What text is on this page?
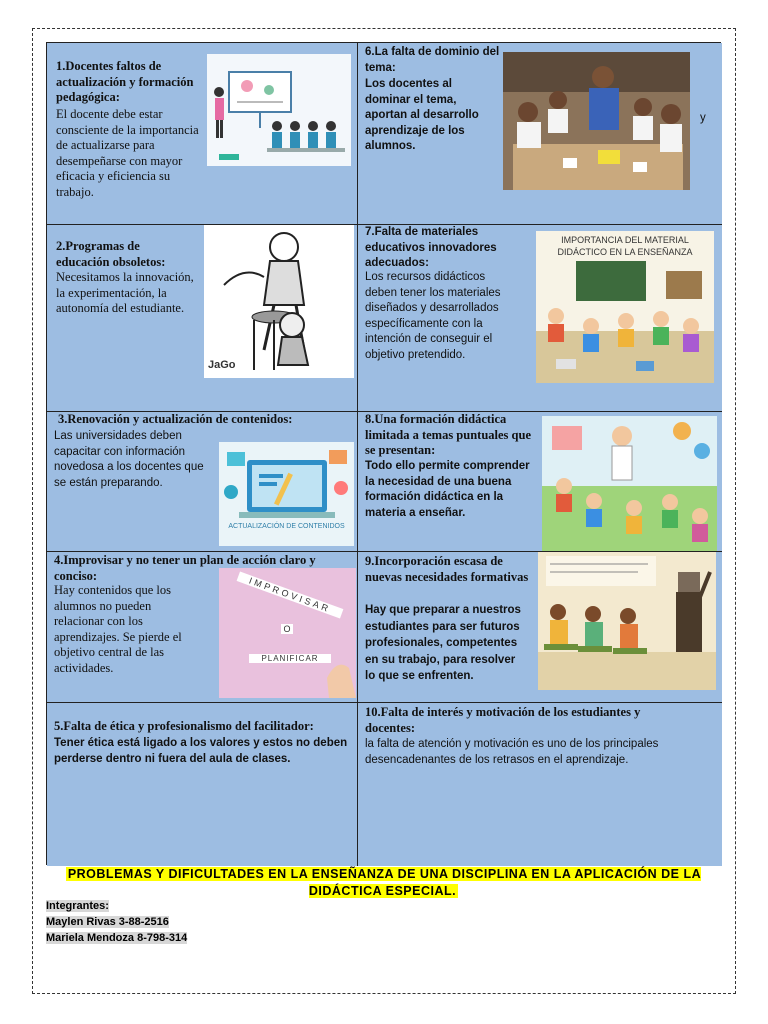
1.Docentes faltos de actualización y formación pedagógica:
El docente debe estar consciente de la importancia de actualizarse para desempeñarse con mayor eficacia y eficiencia su trabajo.
6.La falta de dominio del tema:
Los docentes al dominar el tema, aportan al desarrollo aprendizaje de los alumnos.
y
2.Programas de educación obsoletos:
Necesitamos la innovación, la experimentación, la autonomía del estudiante.
JaGo
7.Falta de materiales educativos innovadores adecuados:
Los recursos didácticos deben tener los materiales diseñados y desarrollados específicamente con la intención de conseguir el objetivo pretendido.
IMPORTANCIA DEL MATERIAL DIDÁCTICO EN LA ENSEÑANZA
3.Renovación y actualización de contenidos:
Las universidades deben capacitar con información novedosa a los docentes que se están preparando.
ACTUALIZACIÓN DE CONTENIDOS
8.Una formación didáctica limitada a temas puntuales que se presentan:
Todo ello permite comprender la necesidad de una buena formación didáctica en la materia a enseñar.
4.Improvisar y no tener un plan de acción claro y conciso:
Hay contenidos que los alumnos no pueden relacionar con los aprendizajes. Se pierde el objetivo central de las actividades.
IMPROVISAR
O
PLANIFICAR
9.Incorporación escasa de nuevas necesidades formativas
Hay que preparar a nuestros estudiantes para ser futuros profesionales, competentes en su trabajo, para resolver lo que se enfrenten.
5.Falta de ética y profesionalismo del facilitador:
Tener ética está ligado a los valores y estos no deben perderse dentro ni fuera del aula de clases.
10.Falta de interés y motivación de los estudiantes y docentes:
la falta de atención y motivación es uno de los principales desencadenantes de los retrasos en el aprendizaje.
PROBLEMAS Y DIFICULTADES EN LA ENSEÑANZA DE UNA DISCIPLINA EN LA APLICACIÓN DE LA DIDÁCTICA ESPECIAL.
Integrantes:
Maylen Rivas 3-88-2516
Mariela Mendoza 8-798-314
